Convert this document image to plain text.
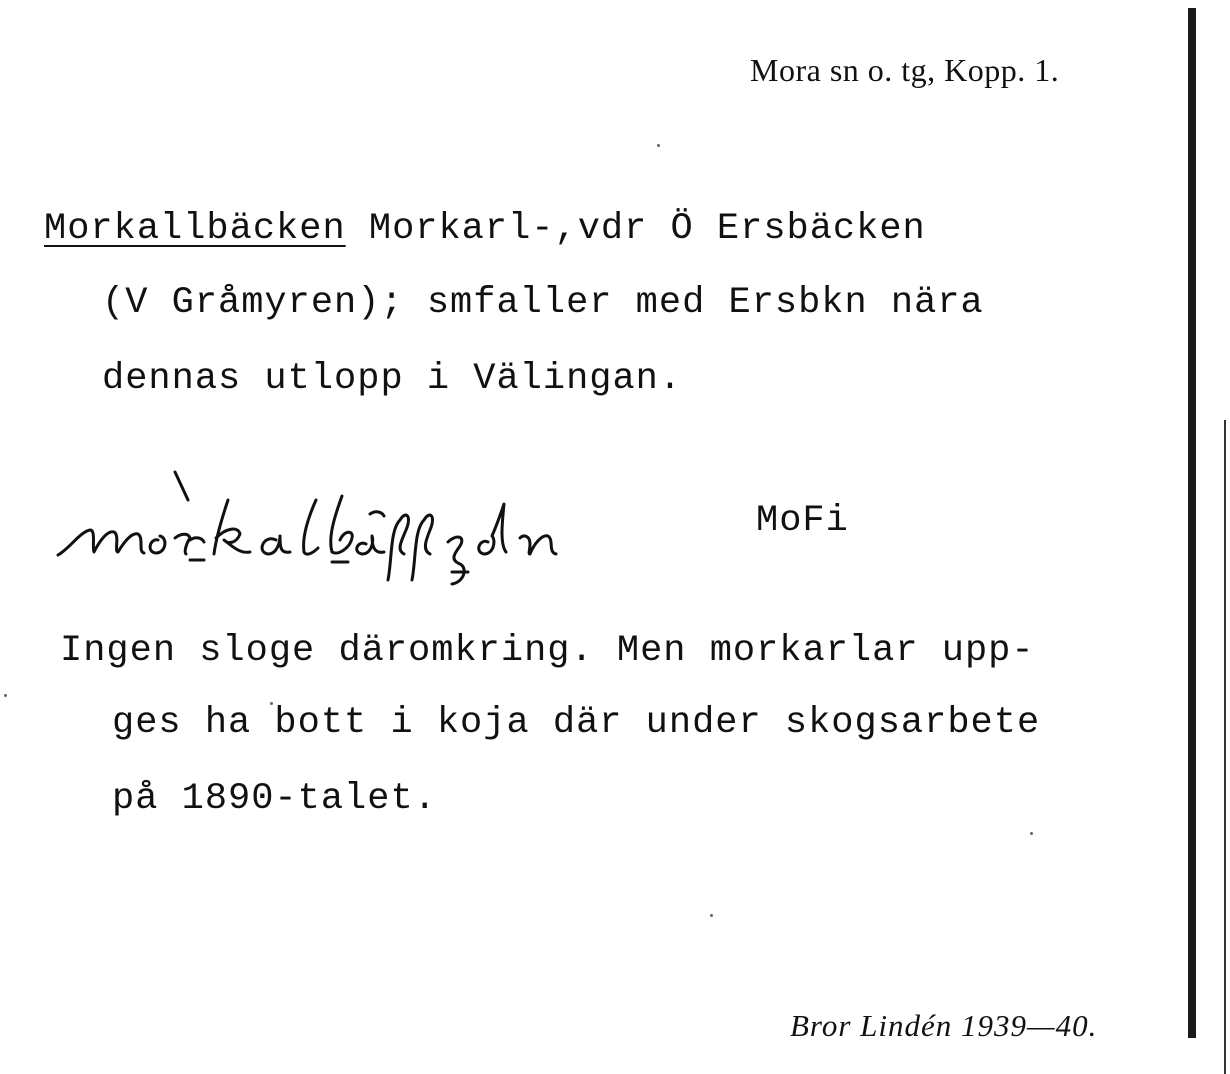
Mora sn o. tg, Kopp. 1.
Morkallbäcken Morkarl-,vdr Ö Ersbäcken
(V Gråmyren); smfaller med Ersbkn nära
dennas utlopp i Välingan.
MoFi
Ingen sloge däromkring. Men morkarlar upp-
ges ha bott i koja där under skogsarbete
på 1890-talet.
Bror Lindén 1939—40.
